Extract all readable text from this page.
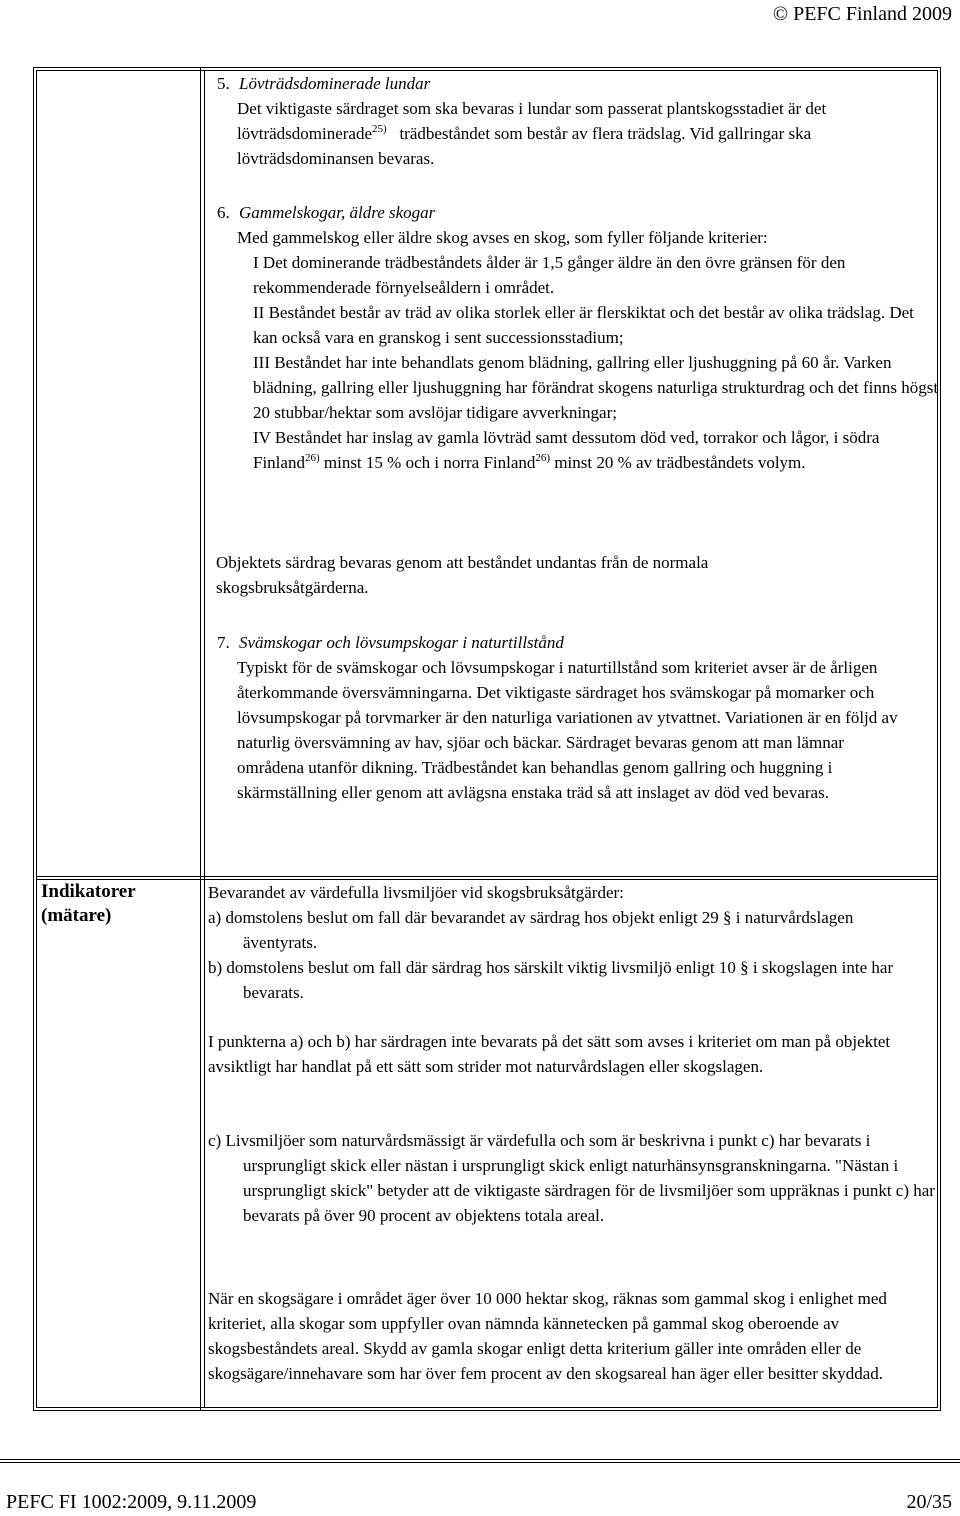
© PEFC Finland 2009

5. Lövträdsdominerade lundar

Det viktigaste särdraget som ska bevaras i lundar som passerat plantskogsstadiet är det lövträdsdominerade$^{25)}$ trädbeståndet som består av flera trädslag. Vid gallringar ska lövträdsdominansen bevaras.

6. Gammelskogar, äldre skogar

Med gammelskog eller äldre skog avses en skog, som fyller följande kriterier:

I Det dominerande trädbeståndets ålder är 1,5 gånger äldre än den övre gränsen för den rekommenderade förnyelseåldern i området.

II Beståndet består av träd av olika storlek eller är flerskiktat och det består av olika trädslag. Det kan också vara en granskog i sent successionsstadium;

III Beståndet har inte behandlats genom blädning, gallring eller ljushuggning på 60 år. Varken blädning, gallring eller ljushuggning har förändrat skogens naturliga strukturdrag och det finns högst 20 stubbar/hektar som avslöjar tidigare avverkningar;

IV Beståndet har inslag av gamla lövträd samt dessutom död ved, torrakor och lågor, i södra Finland$^{26)}$ minst 15 % och i norra Finland$^{26)}$ minst 20 % av trädbeståndets volym.

Objektets särdrag bevaras genom att beståndet undantas från de normala skogsbruksåtgärderna.

7. Svämskogar och lövsumpskogar i naturtillstånd

Typiskt för de svämskogar och lövsumpskogar i naturtillstånd som kriteriet avser är de årligen återkommande översvämningarna. Det viktigaste särdraget hos svämskogar på momarker och lövsumpskogar på torvmarker är den naturliga variationen av ytvattnet. Variationen är en följd av naturlig översvämning av hav, sjöar och bäckar. Särdraget bevaras genom att man lämnar områdena utanför dikning. Trädbeståndet kan behandlas genom gallring och huggning i skärmställning eller genom att avlägsna enstaka träd så att inslaget av död ved bevaras.

Indikatorer

(mätare)

Bevarandet av värdefulla livsmiljöer vid skogsbruksåtgärder:

a) domstolens beslut om fall där bevarandet av särdrag hos objekt enligt 29 § i naturvårdslagen äventyrats.

b) domstolens beslut om fall där särdrag hos särskilt viktig livsmiljö enligt 10 § i skogslagen inte har bevarats.

I punkterna a) och b) har särdragen inte bevarats på det sätt som avses i kriteriet om man på objektet avsiktligt har handlat på ett sätt som strider mot naturvårdslagen eller skogslagen.
c) Livsmiljöer som naturvårdsmässigt är värdefulla och som är beskrivna i punkt c) har bevarats i ursprungligt skick eller nästan i ursprungligt skick enligt naturhänsynsgranskningarna. "Nästan i ursprungligt skick" betyder att de viktigaste särdragen för de livsmiljöer som uppräknas i punkt c) har bevarats på över 90 procent av objektens totala areal.
När en skogsägare i området äger över 10 000 hektar skog, räknas som gammal skog i enlighet med kriteriet, alla skogar som uppfyller ovan nämnda kännetecken på gammal skog oberoende av skogsbeståndets areal. Skydd av gamla skogar enligt detta kriterium gäller inte områden eller de skogsägare/innehavare som har över fem procent av den skogsareal han äger eller besitter skyddad.
PEFC FI 1002:2009, 9.11.2009	20/35
